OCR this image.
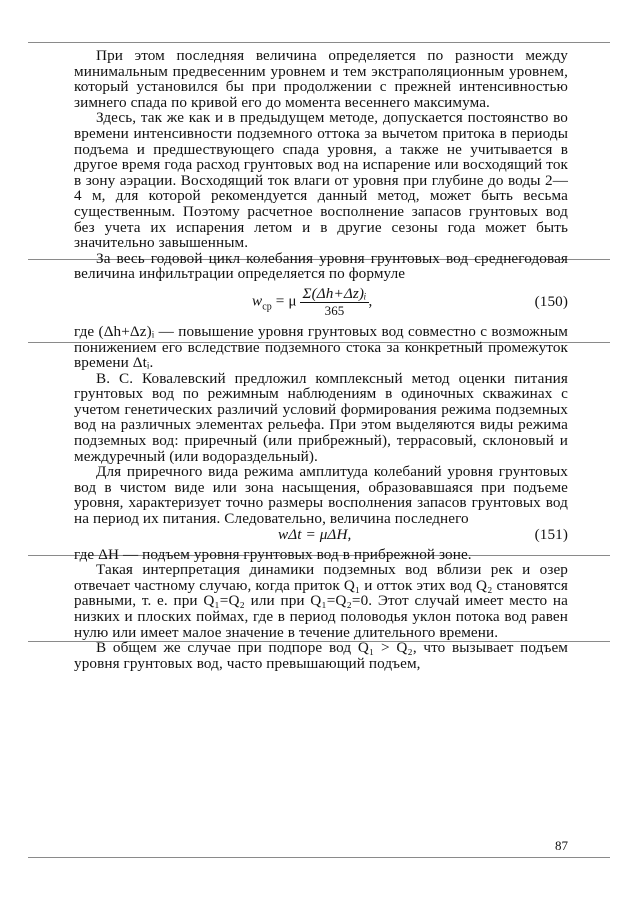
При этом последняя величина определяется по разности между минимальным предвесенним уровнем и тем экстраполяционным уровнем, который установился бы при продолжении с прежней интенсивностью зимнего спада по кривой его до момента весеннего максимума.

Здесь, так же как и в предыдущем методе, допускается постоянство во времени интенсивности подземного оттока за вычетом притока в периоды подъема и предшествующего спада уровня, а также не учитывается в другое время года расход грунтовых вод на испарение или восходящий ток в зону аэрации. Восходящий ток влаги от уровня при глубине до воды 2—4 м, для которой рекомендуется данный метод, может быть весьма существенным. Поэтому расчетное восполнение запасов грунтовых вод без учета их испарения летом и в другие сезоны года может быть значительно завышенным.

За весь годовой цикл колебания уровня грунтовых вод среднегодовая величина инфильтрации определяется по формуле

$w_{ср} = \mu \frac{\text{Σ(Δh+Δz)ᵢ}}{365}$ ,	(150)

где (Δh+Δz)ᵢ — повышение уровня грунтовых вод совместно с возможным понижением его вследствие подземного стока за конкретный промежуток времени Δtᵢ.

В. С. Ковалевский предложил комплексный метод оценки питания грунтовых вод по режимным наблюдениям в одиночных скважинах с учетом генетических различий условий формирования режима подземных вод на различных элементах рельефа. При этом выделяются виды режима подземных вод: приречный (или прибрежный), террасовый, склоновый и междуречный (или водораздельный).

Для приречного вида режима амплитуда колебаний уровня грунтовых вод в чистом виде или зона насыщения, образовавшаяся при подъеме уровня, характеризует точно размеры восполнения запасов грунтовых вод на период их питания. Следовательно, величина последнего

wΔt = μΔH,	(151)

где ΔH — подъем уровня грунтовых вод в прибрежной зоне.

Такая интерпретация динамики подземных вод вблизи рек и озер отвечает частному случаю, когда приток Q₁ и отток этих вод Q₂ становятся равными, т. е. при Q₁=Q₂ или при Q₁=Q₂=0. Этот случай имеет место на низких и плоских поймах, где в период половодья уклон потока вод равен нулю или имеет малое значение в течение длительного времени.

В общем же случае при подпоре вод Q₁ > Q₂, что вызывает подъем уровня грунтовых вод, часто превышающий подъем,

87
